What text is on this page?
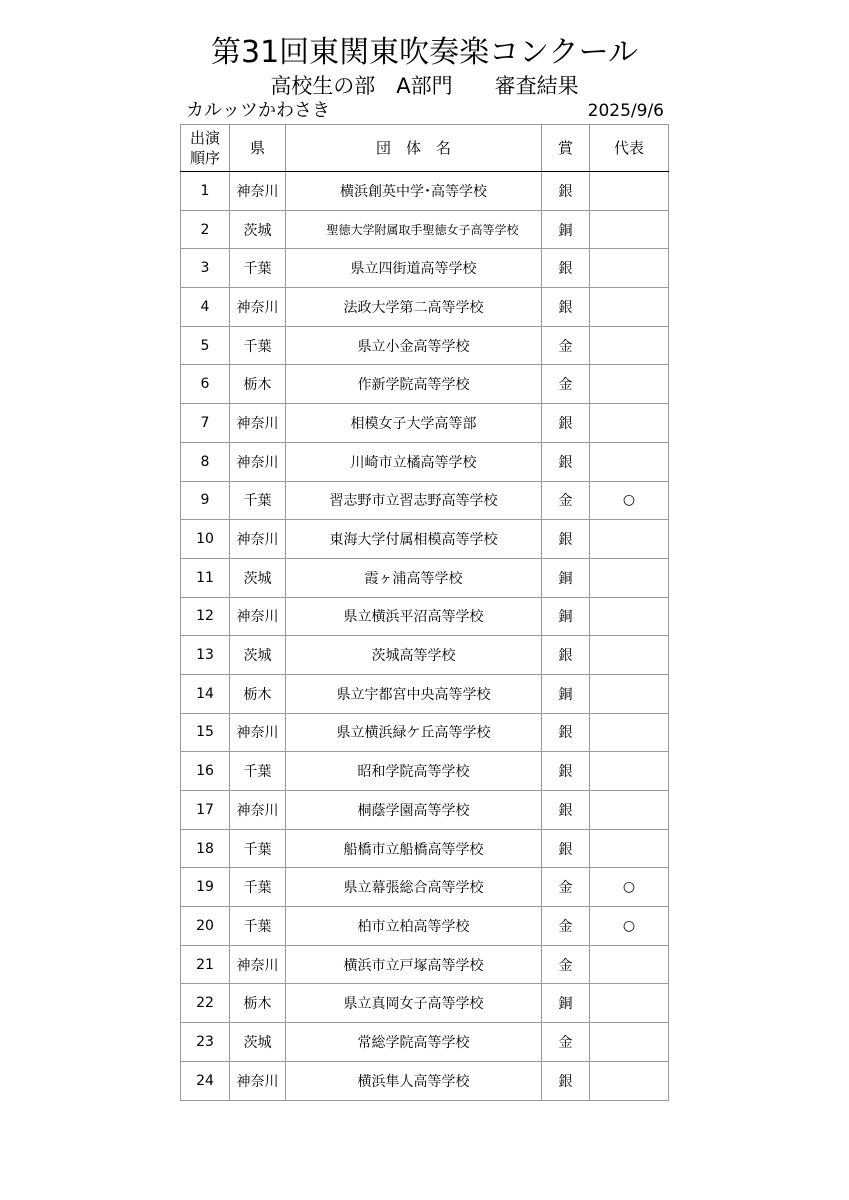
第31回東関東吹奏楽コンクール
高校生の部　A部門　　審査結果
カルッツかわさき	2025/9/6
出演
順序	県	団　体　名	賞	代表
1	神奈川	横浜創英中学･高等学校	銀	
2	茨城	聖徳大学附属取手聖徳女子高等学校	銅	
3	千葉	県立四街道高等学校	銀	
4	神奈川	法政大学第二高等学校	銀	
5	千葉	県立小金高等学校	金	
6	栃木	作新学院高等学校	金	
7	神奈川	相模女子大学高等部	銀	
8	神奈川	川崎市立橘高等学校	銀	
9	千葉	習志野市立習志野高等学校	金	○
10	神奈川	東海大学付属相模高等学校	銀	
11	茨城	霞ヶ浦高等学校	銅	
12	神奈川	県立横浜平沼高等学校	銅	
13	茨城	茨城高等学校	銀	
14	栃木	県立宇都宮中央高等学校	銅	
15	神奈川	県立横浜緑ケ丘高等学校	銀	
16	千葉	昭和学院高等学校	銀	
17	神奈川	桐蔭学園高等学校	銀	
18	千葉	船橋市立船橋高等学校	銀	
19	千葉	県立幕張総合高等学校	金	○
20	千葉	柏市立柏高等学校	金	○
21	神奈川	横浜市立戸塚高等学校	金	
22	栃木	県立真岡女子高等学校	銅	
23	茨城	常総学院高等学校	金	
24	神奈川	横浜隼人高等学校	銀	
